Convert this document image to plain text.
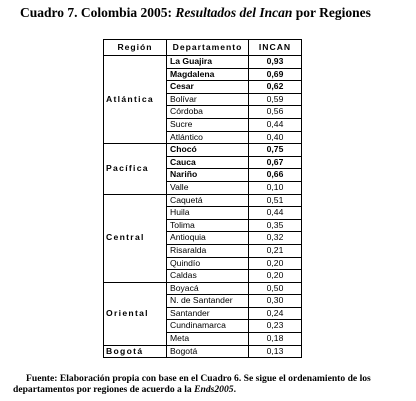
Cuadro 7. Colombia 2005: Resultados del Incan por Regiones
Región	Departamento	INCAN
Atlántica	La Guajira	0,93
	Magdalena	0,69
	Cesar	0,62
	Bolívar	0,59
	Córdoba	0,56
	Sucre	0,44
	Atlántico	0,40
Pacífica	Chocó	0,75
	Cauca	0,67
	Nariño	0,66
	Valle	0,10
Central	Caquetá	0,51
	Huila	0,44
	Tolima	0,35
	Antioquia	0,32
	Risaralda	0,21
	Quindío	0,20
	Caldas	0,20
Oriental	Boyacá	0,50
	N. de Santander	0,30
	Santander	0,24
	Cundinamarca	0,23
	Meta	0,18
Bogotá	Bogotá	0,13
Fuente: Elaboración propia con base en el Cuadro 6. Se sigue el ordenamiento de los
departamentos por regiones de acuerdo a la Ends2005.
